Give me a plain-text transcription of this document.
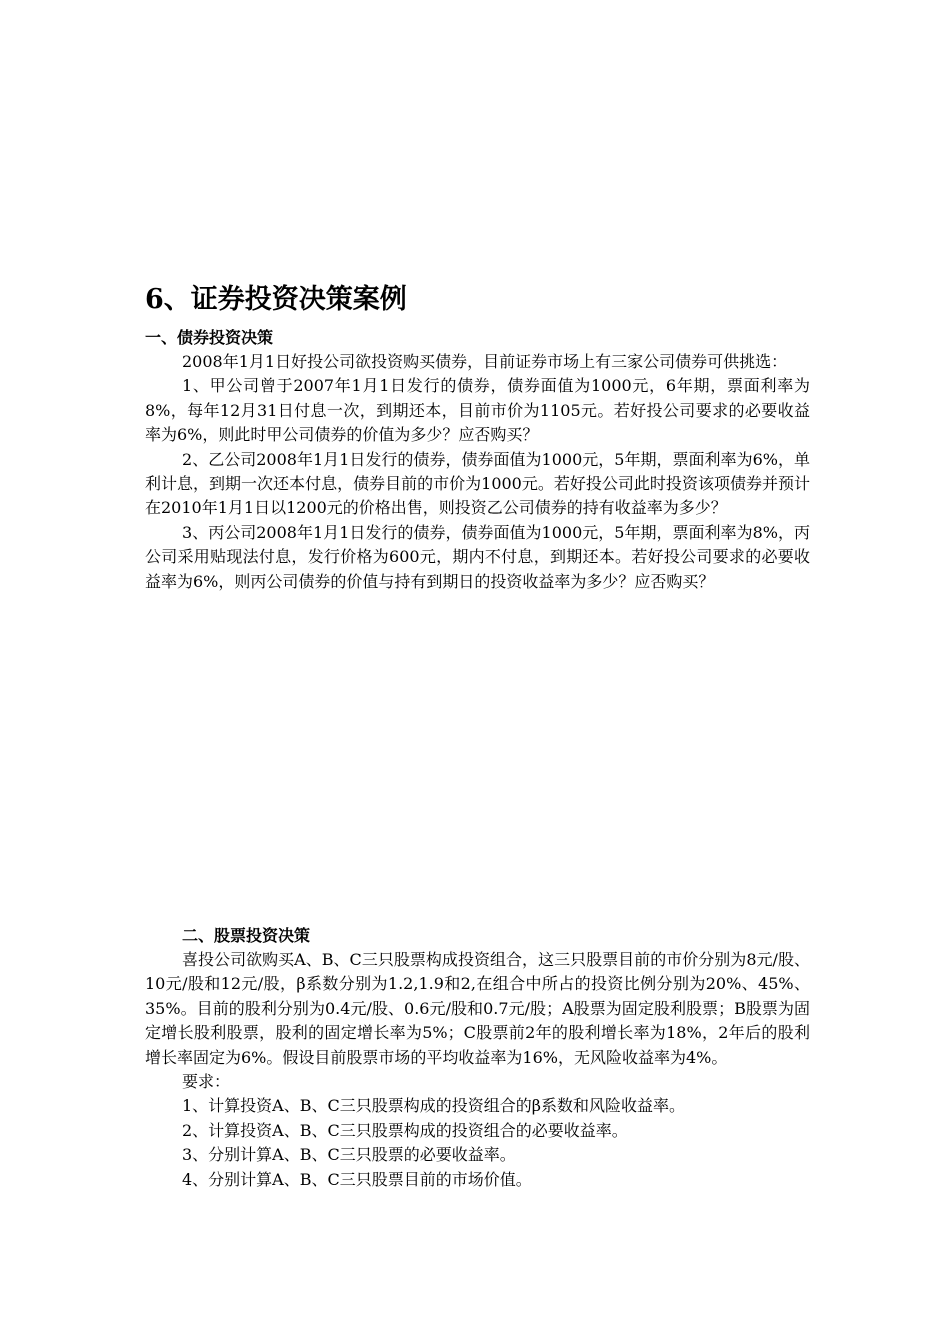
6、证券投资决策案例
一、债券投资决策

2008年1月1日好投公司欲投资购买债券，目前证券市场上有三家公司债券可供挑选：

1、甲公司曾于2007年1月1日发行的债券，债券面值为1000元，6年期，票面利率为8%，每年12月31日付息一次，到期还本，目前市价为1105元。若好投公司要求的必要收益率为6%，则此时甲公司债券的价值为多少？应否购买？

2、乙公司2008年1月1日发行的债券，债券面值为1000元，5年期，票面利率为6%，单利计息，到期一次还本付息，债券目前的市价为1000元。若好投公司此时投资该项债券并预计在2010年1月1日以1200元的价格出售，则投资乙公司债券的持有收益率为多少？

3、丙公司2008年1月1日发行的债券，债券面值为1000元，5年期，票面利率为8%，丙公司采用贴现法付息，发行价格为600元，期内不付息，到期还本。若好投公司要求的必要收益率为6%，则丙公司债券的价值与持有到期日的投资收益率为多少？应否购买？

二、股票投资决策

喜投公司欲购买A、B、C三只股票构成投资组合，这三只股票目前的市价分别为8元/股、10元/股和12元/股，β系数分别为1.2,1.9和2,在组合中所占的投资比例分别为20%、45%、35%。目前的股利分别为0.4元/股、0.6元/股和0.7元/股；A股票为固定股利股票；B股票为固定增长股利股票，股利的固定增长率为5%；C股票前2年的股利增长率为18%，2年后的股利增长率固定为6%。假设目前股票市场的平均收益率为16%，无风险收益率为4%。

要求：

1、计算投资A、B、C三只股票构成的投资组合的β系数和风险收益率。

2、计算投资A、B、C三只股票构成的投资组合的必要收益率。

3、分别计算A、B、C三只股票的必要收益率。

4、分别计算A、B、C三只股票目前的市场价值。
